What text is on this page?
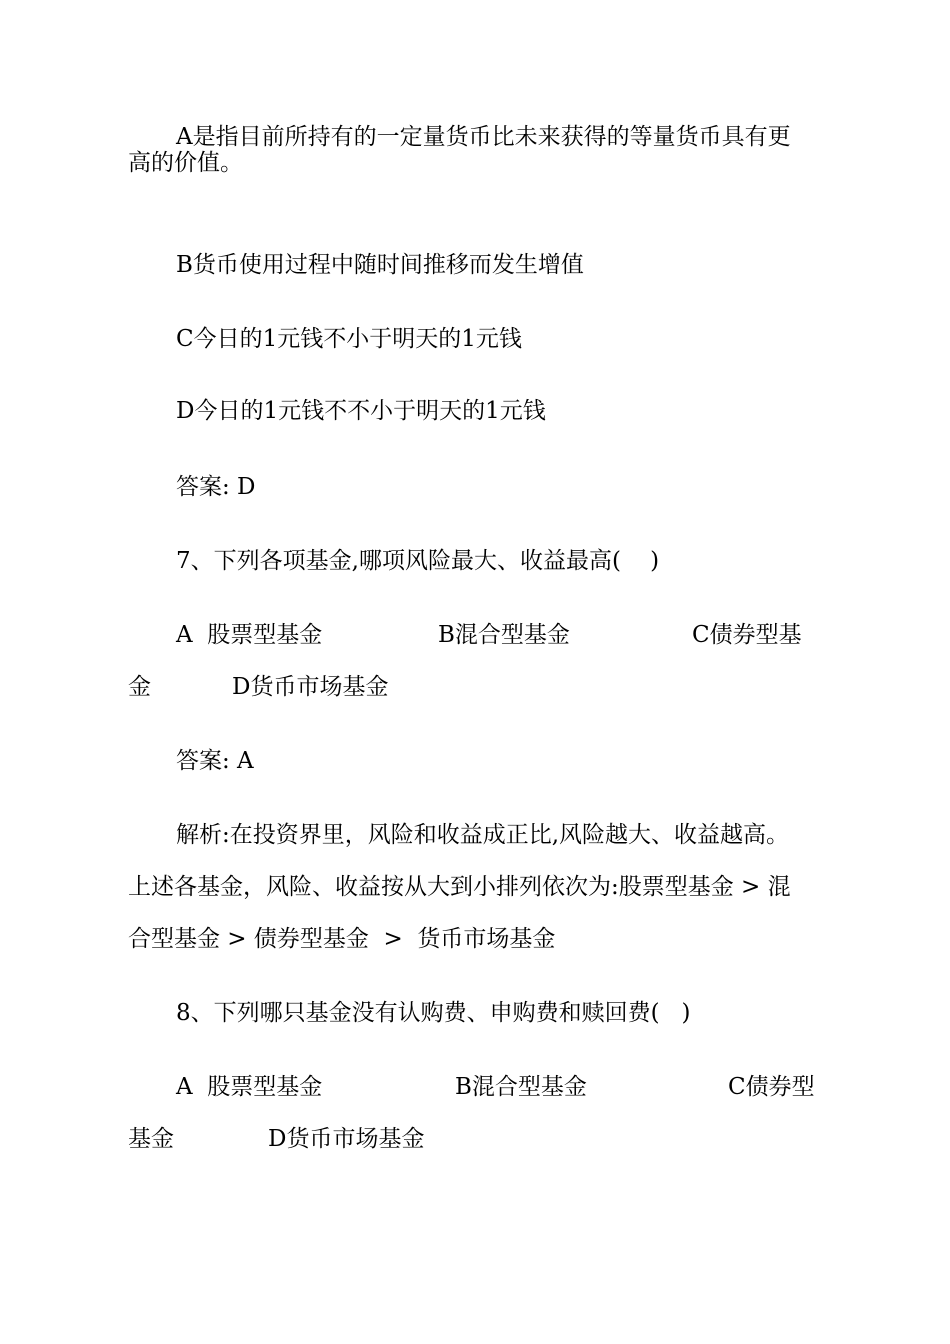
A是指目前所持有的一定量货币比未来获得的等量货币具有更
高的价值。
B货币使用过程中随时间推移而发生增值
C今日的1元钱不小于明天的1元钱
D今日的1元钱不不小于明天的1元钱
答案: D
7、下列各项基金,哪项风险最大、收益最高(    )
A  股票型基金	B混合型基金	C债券型基
金	D货币市场基金
答案: A
解析:在投资界里，风险和收益成正比,风险越大、收益越高。
上述各基金，风险、收益按从大到小排列依次为:股票型基金 > 混
合型基金 > 债券型基金  >  货币市场基金
8、下列哪只基金没有认购费、申购费和赎回费(   )
A  股票型基金	B混合型基金	C债券型
基金	D货币市场基金
